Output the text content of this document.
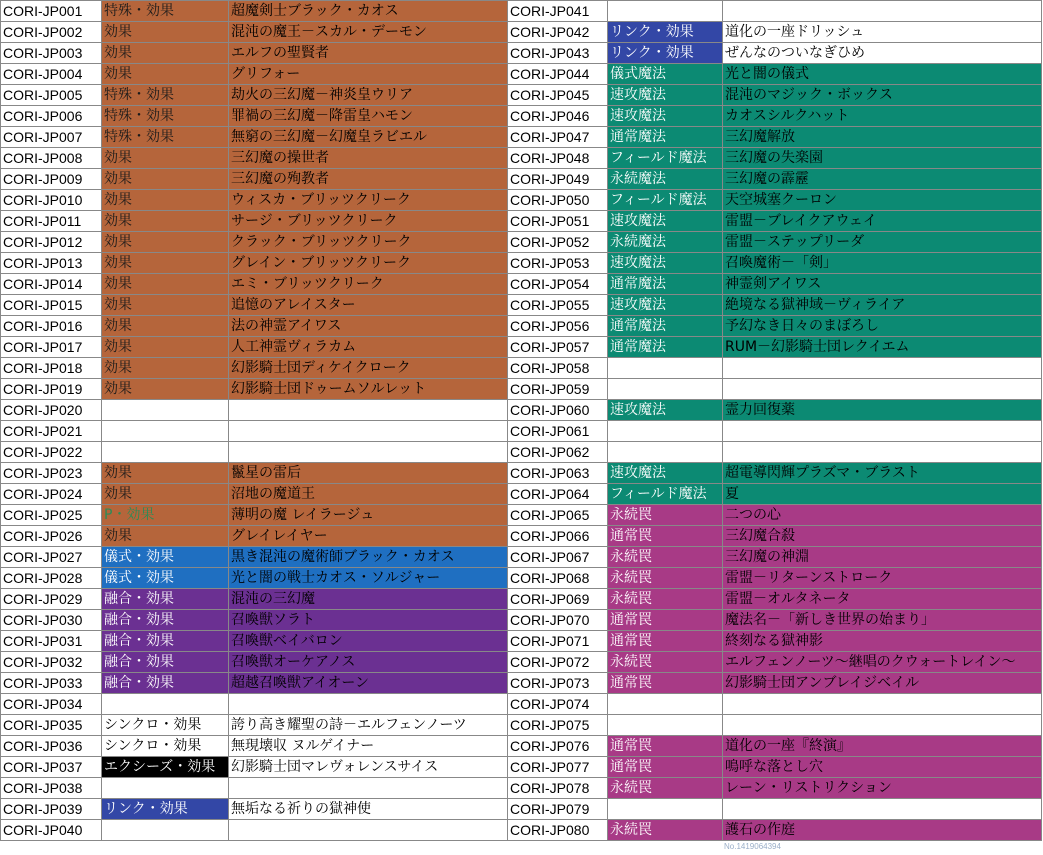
CORI-JP001	特殊・効果	超魔剣士ブラック・カオス	CORI-JP041		
CORI-JP002	効果	混沌の魔王－スカル・デーモン	CORI-JP042	リンク・効果	道化の一座ドリッシュ
CORI-JP003	効果	エルフの聖賢者	CORI-JP043	リンク・効果	ぜんなのついなぎひめ
CORI-JP004	効果	グリフォー	CORI-JP044	儀式魔法	光と闇の儀式
CORI-JP005	特殊・効果	劫火の三幻魔－神炎皇ウリア	CORI-JP045	速攻魔法	混沌のマジック・ボックス
CORI-JP006	特殊・効果	罪禍の三幻魔－降雷皇ハモン	CORI-JP046	速攻魔法	カオスシルクハット
CORI-JP007	特殊・効果	無窮の三幻魔－幻魔皇ラビエル	CORI-JP047	通常魔法	三幻魔解放
CORI-JP008	効果	三幻魔の操世者	CORI-JP048	フィールド魔法	三幻魔の失楽園
CORI-JP009	効果	三幻魔の殉教者	CORI-JP049	永続魔法	三幻魔の霹靂
CORI-JP010	効果	ウィスカ・ブリッツクリーク	CORI-JP050	フィールド魔法	天空城塞クーロン
CORI-JP011	効果	サージ・ブリッツクリーク	CORI-JP051	速攻魔法	雷盟－ブレイクアウェイ
CORI-JP012	効果	クラック・ブリッツクリーク	CORI-JP052	永続魔法	雷盟－ステップリーダ
CORI-JP013	効果	グレイン・ブリッツクリーク	CORI-JP053	速攻魔法	召喚魔術－「剣」
CORI-JP014	効果	エミ・ブリッツクリーク	CORI-JP054	通常魔法	神霊剣アイワス
CORI-JP015	効果	追憶のアレイスター	CORI-JP055	速攻魔法	絶境なる獄神域－ヴィライア
CORI-JP016	効果	法の神霊アイワス	CORI-JP056	通常魔法	予幻なき日々のまぼろし
CORI-JP017	効果	人工神霊ヴィラカム	CORI-JP057	通常魔法	RUM－幻影騎士団レクイエム
CORI-JP018	効果	幻影騎士団ディケイクローク	CORI-JP058		
CORI-JP019	効果	幻影騎士団ドゥームソルレット	CORI-JP059		
CORI-JP020			CORI-JP060	速攻魔法	霊力回復薬
CORI-JP021			CORI-JP061		
CORI-JP022			CORI-JP062		
CORI-JP023	効果	鬣星の雷后	CORI-JP063	速攻魔法	超電導閃輝プラズマ・ブラスト
CORI-JP024	効果	沼地の魔道王	CORI-JP064	フィールド魔法	夏
CORI-JP025	P・効果	薄明の魔 レイラージュ	CORI-JP065	永続罠	二つの心
CORI-JP026	効果	グレイレイヤー	CORI-JP066	通常罠	三幻魔合殺
CORI-JP027	儀式・効果	黒き混沌の魔術師ブラック・カオス	CORI-JP067	永続罠	三幻魔の神淵
CORI-JP028	儀式・効果	光と闇の戦士カオス・ソルジャー	CORI-JP068	永続罠	雷盟－リターンストローク
CORI-JP029	融合・効果	混沌の三幻魔	CORI-JP069	永続罠	雷盟－オルタネータ
CORI-JP030	融合・効果	召喚獣ソラト	CORI-JP070	通常罠	魔法名－「新しき世界の始まり」
CORI-JP031	融合・効果	召喚獣ベイバロン	CORI-JP071	通常罠	終刻なる獄神影
CORI-JP032	融合・効果	召喚獣オーケアノス	CORI-JP072	永続罠	エルフェンノーツ～継唱のクウォートレイン～
CORI-JP033	融合・効果	超越召喚獣アイオーン	CORI-JP073	通常罠	幻影騎士団アンブレイジベイル
CORI-JP034			CORI-JP074		
CORI-JP035	シンクロ・効果	誇り高き耀聖の詩－エルフェンノーツ	CORI-JP075		
CORI-JP036	シンクロ・効果	無現壊収 ヌルゲイナー	CORI-JP076	通常罠	道化の一座『終演』
CORI-JP037	エクシーズ・効果	幻影騎士団マレヴォレンスサイス	CORI-JP077	通常罠	鳴呼な落とし穴
CORI-JP038			CORI-JP078	永続罠	レーン・リストリクション
CORI-JP039	リンク・効果	無垢なる祈りの獄神使	CORI-JP079		
CORI-JP040			CORI-JP080	永続罠	護石の作庭
No.1419064394
